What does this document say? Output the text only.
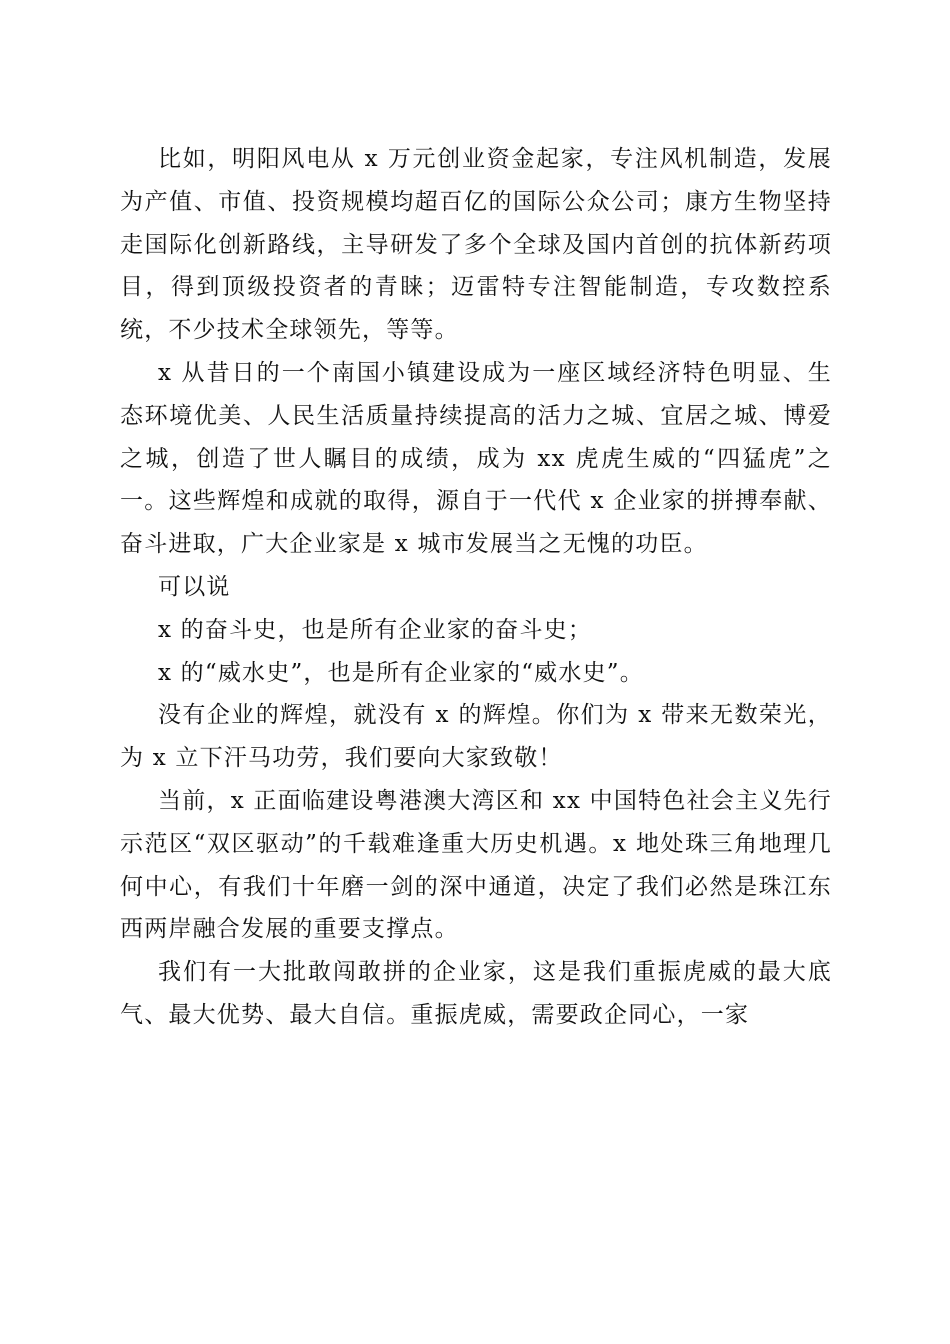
比如，明阳风电从 x 万元创业资金起家，专注风机制造，发展为产值、市值、投资规模均超百亿的国际公众公司；康方生物坚持走国际化创新路线，主导研发了多个全球及国内首创的抗体新药项目，得到顶级投资者的青睐；迈雷特专注智能制造，专攻数控系统，不少技术全球领先，等等。

x 从昔日的一个南国小镇建设成为一座区域经济特色明显、生态环境优美、人民生活质量持续提高的活力之城、宜居之城、博爱之城，创造了世人瞩目的成绩，成为 xx 虎虎生威的“四猛虎”之一。这些辉煌和成就的取得，源自于一代代 x 企业家的拼搏奉献、奋斗进取，广大企业家是 x 城市发展当之无愧的功臣。

可以说

x 的奋斗史，也是所有企业家的奋斗史；

x 的“威水史”，也是所有企业家的“威水史”。

没有企业的辉煌，就没有 x 的辉煌。你们为 x 带来无数荣光，为 x 立下汗马功劳，我们要向大家致敬！

当前，x 正面临建设粤港澳大湾区和 xx 中国特色社会主义先行示范区“双区驱动”的千载难逢重大历史机遇。x 地处珠三角地理几何中心，有我们十年磨一剑的深中通道，决定了我们必然是珠江东西两岸融合发展的重要支撑点。

我们有一大批敢闯敢拼的企业家，这是我们重振虎威的最大底气、最大优势、最大自信。重振虎威，需要政企同心，一家
